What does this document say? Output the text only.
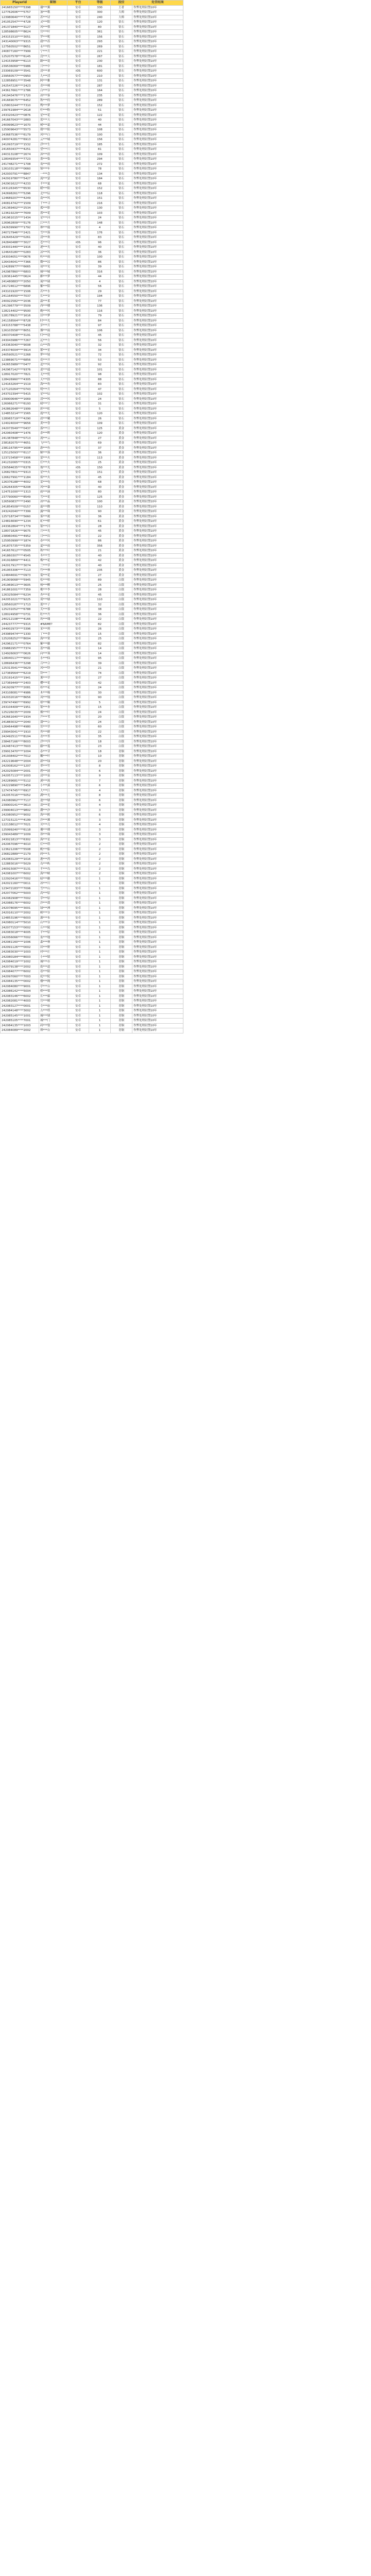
PlayerId	昵称	平台	等级	段位	处罚结果
241665150****5398	谢***粥	安卓	330	王者	作弊处理封禁10年
127762606****5757	加***歌	安卓	300	大师	作弊处理封禁10年
123980640****7728	苏***诗	安卓	240	大师	作弊处理封禁10年
241052547****4728	灵***阳	安卓	120	钻石	作弊处理封禁10年
241371840****3127	风***蔡	安卓	80	钻石	作弊处理封禁10年
128598605****8624	宫***叶	安卓	361	钻石	作弊处理封禁10年
243151510****3051	罗***呢	安卓	156	钻石	作弊处理封禁10年
243140063****9315	我***苏	安卓	293	钻石	作弊处理封禁10年
127560502****8651	永***的	安卓	269	钻石	作弊处理封禁10年
240877160****7999	宁***月	安卓	221	钻石	作弊处理封禁10年
125207578****6145	没***天	安卓	267	钻石	作弊处理封禁10年
124153958****6113	路***说	安卓	230	钻石	作弊处理封禁10年
239536069****5986	只***中	安卓	181	钻石	作弊处理封禁10年
233069109****3541	清***乖	iOS	600	钻石	作弊处理封禁10年
239560577****0950	九***清	安卓	210	钻石	作弊处理封禁10年
122858951****3548	阿***雅	安卓	131	钻石	作弊处理封禁10年
242547226****2423	青***咪	安卓	287	钻石	作弊处理封禁10年
243617661****2786	白***谷	安卓	164	钻石	作弊处理封禁10年
241943476****1720	冰***客	安卓	235	钻石	作弊处理封禁10年
241669075****6452	秋***的	安卓	289	钻石	作弊处理封禁10年
125803244****7310	鸭***梦	安卓	152	钻石	作弊处理封禁10年
239761984****2618	柠***粉	安卓	51	钻石	作弊处理封禁10年
243320423****0876	星***花	安卓	122	钻石	作弊处理封禁10年
241667043****2883	蓝***天	安卓	40	钻石	作弊处理封禁10年
240999623****1670	树***霜	安卓	44	钻石	作弊处理封禁10年
125909643****5573	朝***阳	安卓	108	钻石	作弊处理封禁10年
243687536****6179	风***白	安卓	100	钻石	作弊处理封禁10年
240974281****6913	云***城	安卓	156	钻石	作弊处理封禁10年
241093719****1532	浮***生	安卓	185	钻石	作弊处理封禁10年
241650437****4251	望***川	安卓	81	钻石	作弊处理封禁10年
240313108****2674	沐***晨	安卓	109	钻石	作弊处理封禁10年
128049354****7723	墨***染	安卓	294	钻石	作弊处理封禁10年
241748271****1708	夜***雨	安卓	272	钻石	作弊处理封禁10年
126103118****0660	锦***年	安卓	78	钻石	作弊处理封禁10年
242930791****8847	一***念	安卓	134	钻石	作弊处理封禁10年
242919780****5427	流***萤	安卓	184	钻石	作弊处理封禁10年
242901622****4233	半***夏	安卓	68	钻石	作弊处理封禁10年
243126345****6530	暖***阳	安卓	152	钻石	作弊处理封禁10年
242698261****5296	北***辰	安卓	118	钻石	作弊处理封禁10年
124689207****4249	南***风	安卓	151	钻石	作弊处理封禁10年
240814742****1509	千***寻	安卓	216	钻石	作弊处理封禁10年
241369402****2534	孤***影	安卓	130	钻石	作弊处理封禁10年
123619229****7609	落***花	安卓	103	钻石	作弊处理封禁10年
241961015****1434	星***河	安卓	24	钻石	作弊处理封禁10年
126962809****5176	江***月	安卓	148	钻石	作弊处理封禁10年
242639990****1792	林***鹿	安卓	4	钻石	作弊处理封禁10年
240727946****2421	雪***落	安卓	176	钻石	作弊处理封禁10年
242645429****0261	清***欢	安卓	83	钻石	作弊处理封禁10年
242840488****3027	苍***穹	iOS	96	钻石	作弊处理封禁10年
243031440****1916	逐***光	安卓	40	钻石	作弊处理封禁10年
124643180****0283	凉***风	安卓	36	钻石	作弊处理封禁10年
243034051****0676	听***雨	安卓	100	钻石	作弊处理封禁10年
126434041****7366	微***凉	安卓	86	钻石	作弊处理封禁10年
124289977****6665	初***见	安卓	39	钻石	作弊处理封禁10年
242987860****6803	倾***城	安卓	316	钻石	作弊处理封禁10年
126361445****0624	醉***梦	安卓	44	钻石	作弊处理封禁10年
241480883****2050	琉***璃	安卓	4	钻石	作弊处理封禁10年
241724612****6896	紫***陌	安卓	56	钻石	作弊处理封禁10年
243101920****1506	若***水	安卓	29	钻石	作弊处理封禁10年
241164550****7037	长***安	安卓	194	钻石	作弊处理封禁10年
240922582****2036	温***柔	安卓	77	钻石	作弊处理封禁10年
241396779****3509	西***楼	安卓	136	钻石	作弊处理封禁10年
128214402****9500	晚***风	安卓	116	钻石	作弊处理封禁10年
128178921****1616	旧***梦	安卓	79	钻石	作弊处理封禁10年
241158564****8728	时***光	安卓	84	钻石	作弊处理封禁10年
243153788****5438	岁***月	安卓	97	钻石	作弊处理封禁10年
126103558****8051	烟***雨	安卓	106	钻石	作弊处理封禁10年
240370408****3191	归***途	安卓	45	钻石	作弊处理封禁10年
243043986****7267	远***方	安卓	56	钻石	作弊处理封禁10年
243363040****9008	山***海	安卓	32	钻石	作弊处理封禁10年
243374004****3914	繁***星	安卓	34	钻石	作弊处理封禁10年
240590521****2268	梦***境	安卓	72	钻石	作弊处理封禁10年
123869071****6856	花***开	安卓	53	钻石	作弊处理封禁10年
242653989****0477	追***风	安卓	92	钻石	作弊处理封禁10年
242967142****9376	逍***遥	安卓	101	钻石	作弊处理封禁10年
128917020****7821	无***忧	安卓	98	钻石	作弊处理封禁10年
128426960****4305	天***涯	安卓	88	钻石	作弊处理封禁10年
124163264****1519	海***角	安卓	83	钻石	作弊处理封禁10年
127120264****0743	明***月	安卓	47	钻石	作弊处理封禁10年
243702394****5415	星***辰	安卓	102	钻石	作弊处理封禁10年
239900646****1669	清***风	安卓	24	钻石	作弊处理封禁10年
126066271****6193	晴***空	安卓	31	钻石	作弊处理封禁10年
242862648****1999	彩***虹	安卓	5	钻石	作弊处理封禁10年
124853214****1565	霞***光	安卓	120	钻石	作弊处理封禁10年
128065719****4290	晨***曦	安卓	26	钻石	作弊处理封禁10年
124024004****9656	黄***昏	安卓	109	钻石	作弊处理封禁10年
242073549****0437	落***日	安卓	125	黄金	作弊处理封禁10年
242060408****1476	余***晖	安卓	120	黄金	作弊处理封禁10年
241387848****0713	流***云	安卓	27	黄金	作弊处理封禁10年
238182075****4651	飞***鸟	安卓	69	黄金	作弊处理封禁10年
238116795****1608	游***鱼	安卓	37	黄金	作弊处理封禁10年
125125093****6117	鲸***落	安卓	36	黄金	作弊处理封禁10年
123723458****1906	萤***火	安卓	113	黄金	作弊处理封禁10年
241232065****0315	灯***火	安卓	25	黄金	作弊处理封禁10年
230584635****6378	烛***光	iOS	150	黄金	作弊处理封禁10年
126827801****9313	星***火	安卓	151	黄金	作弊处理封禁10年
126627991****1184	焰***火	安卓	45	黄金	作弊处理封禁10年
126376188****4002	雷***电	安卓	68	黄金	作弊处理封禁10年
126264305****8208	风***暴	安卓	40	黄金	作弊处理封禁10年
124751000****1313	雨***滴	安卓	80	黄金	作弊处理封禁10年
237790060****8549	雪***花	安卓	125	黄金	作弊处理封禁10年
126590837****2490	冰***晶	安卓	100	黄金	作弊处理封禁10年
241854509****0157	霜***降	安卓	110	黄金	作弊处理封禁10年
243242040****7399	露***珠	安卓	90	黄金	作弊处理封禁10年
125718734****5660	雾***凇	安卓	36	黄金	作弊处理封禁10年
124816690****1234	虹***桥	安卓	61	黄金	作弊处理封禁10年
243362864****1779	银***河	安卓	28	黄金	作弊处理封禁10年
128071826****9075	月***光	安卓	45	黄金	作弊处理封禁10年
238960491****4952	日***出	安卓	22	黄金	作弊处理封禁10年
125950999****1874	春***风	安卓	86	黄金	作弊处理封禁10年
241875735****5359	夏***雨	安卓	356	黄金	作弊处理封禁10年
241657612****0505	秋***叶	安卓	21	黄金	作弊处理封禁10年
241860307****4545	冬***雪	安卓	40	黄金	作弊处理封禁10年
241916869****4411	梅***花	安卓	42	黄金	作弊处理封禁10年
242017917****3074	兰***草	安卓	40	黄金	作弊处理封禁10年
241955306****7113	竹***林	安卓	235	黄金	作弊处理封禁10年
124844691****0973	菊***花	安卓	27	黄金	作弊处理封禁10年
241909068****5945	松***柏	安卓	89	白银	作弊处理封禁10年
241969013****3605	杨***柳	安卓	25	白银	作弊处理封禁10年
241861001****7359	桃***李	安卓	28	白银	作弊处理封禁10年
126325084****6234	杏***花	安卓	45	白银	作弊处理封禁10年
242051021****9225	荷***塘	安卓	110	白银	作弊处理封禁10年
128560187****1713	莲***子	安卓	32	白银	作弊处理封禁10年
125231052****6788	芙***蓉	安卓	38	白银	作弊处理封禁10年
128024958****0731	牡***丹	安卓	36	白银	作弊处理封禁10年
240212108****4166	玫***瑰	安卓	22	白银	作弊处理封禁10年
244237777****9315	#NAME?	安卓	82	白银	作弊处理封禁10年
244002973****3396	茉***莉	安卓	26	白银	作弊处理封禁10年
243989474****1330	丁***香	安卓	15	白银	作弊处理封禁10年
125208252****8004	海***棠	安卓	25	白银	作弊处理封禁10年
242962171****0764	紫***藤	安卓	82	白银	作弊处理封禁10年
239882957****7374	蔷***薇	安卓	14	白银	作弊处理封禁10年
124926063****0626	向***葵	安卓	14	白银	作弊处理封禁10年
128040117****9002	水***仙	安卓	95	白银	作弊处理封禁10年
128696436****3298	百***合	安卓	39	白银	作弊处理封禁10年
125313541****5629	风***铃	安卓	21	白银	作弊处理封禁10年
127369564****6219	铃***兰	安卓	74	白银	作弊处理封禁10年
125191415****1941	薰***草	安卓	27	白银	作弊处理封禁10年
127369449****2403	樱***花	安卓	42	白银	作弊处理封禁10年
241920977****2081	桂***花	安卓	24	白银	作弊处理封禁10年
243108081****4986	木***棉	安卓	30	白银	作弊处理封禁10年
242032016****8656	凤***凰	安卓	90	白银	作弊处理封禁10年
239747490****6992	梧***桐	安卓	5	白银	作弊处理封禁10年
243104409****1951	银***杏	安卓	15	白银	作弊处理封禁10年
125226035****2009	枫***叶	安卓	24	白银	作弊处理封禁10年
242661640****1934	芦***苇	安卓	20	白银	作弊处理封禁10年
241883032****2040	蒲***公	安卓	24	白银	作弊处理封禁10年
126464498****4980	萱***草	安卓	60	白银	作弊处理封禁10年
239943041****1910	苔***藓	安卓	22	白银	作弊处理封禁10年
242492511****8104	青***苔	安卓	35	白银	作弊处理封禁10年
238467166****8003	浮***萍	安卓	18	白银	作弊处理封禁10年
242487413****7603	藤***蔓	安卓	23	白银	作弊处理封禁10年
239913470****1004	春***芽	安卓	18	青铜	作弊处理封禁10年
241938402****7012	嫩***叶	安卓	10	青铜	作弊处理封禁10年
242219648****2004	新***绿	安卓	20	青铜	作弊处理封禁10年
242008162****1207	翠***竹	安卓	8	青铜	作弊处理封禁10年
242025084****2001	碧***波	安卓	6	青铜	作弊处理封禁10年
242057113****1003	清***泉	安卓	9	青铜	作弊处理封禁10年
242289681****5112	溪***流	安卓	7	青铜	作弊处理封禁10年
242229890****3459	小***溪	安卓	6	青铜	作弊处理封禁10年
127474745****6917	大***江	安卓	4	青铜	作弊处理封禁10年
242057016****5052	湖***光	安卓	8	青铜	作弊处理封禁10年
242080962****7117	池***塘	安卓	6	青铜	作弊处理封禁10年
239900141****3613	浪***花	安卓	4	青铜	作弊处理封禁10年
239904013****9802	潮***汐	安卓	3	青铜	作弊处理封禁10年
242080952****9002	海***鸥	安卓	6	青铜	作弊处理封禁10年
127315121****4199	沙***滩	安卓	3	青铜	作弊处理封禁10年
122138012****7021	贝***壳	安卓	4	青铜	作弊处理封禁10年
125999240****6118	珊***瑚	安卓	3	青铜	作弊处理封禁10年
239043489****1009	珍***珠	安卓	3	青铜	作弊处理封禁10年
243021813****6302	海***星	安卓	3	青铜	作弊处理封禁10年
242067096****4010	灯***塔	安卓	2	青铜	作弊处理封禁10年
123621206****5508	帆***船	安卓	2	青铜	作弊处理封禁10年
236822889****2179	码***头	安卓	2	青铜	作弊处理封禁10年
242083129****1016	港***湾	安卓	2	青铜	作弊处理封禁10年
122883016****5029	岛***屿	安卓	2	青铜	作弊处理封禁10年
240915087****3131	半***岛	安卓	2	青铜	作弊处理封禁10年
242081007****6002	海***峡	安卓	2	青铜	作弊处理封禁10年
122920416****7002	暗***礁	安卓	1	青铜	作弊处理封禁10年
242021160****0011	冰***川	安卓	1	青铜	作弊处理封禁10年
123472183****7006	雪***山	安卓	1	青铜	作弊处理封禁10年
242077062****5003	高***原	安卓	1	青铜	作弊处理封禁10年
242082908****7002	草***原	安卓	1	青铜	作弊处理封禁10年
242088176****6002	沙***漠	安卓	1	青铜	作弊处理封禁10年
242078095****3001	绿***洲	安卓	1	青铜	作弊处理封禁10年
242016110****2002	峡***谷	安卓	1	青铜	作弊处理封禁10年
124853196****6003	瀑***布	安卓	1	青铜	作弊处理封禁10年
242080114****5010	山***谷	安卓	1	青铜	作弊处理封禁10年
242077153****0002	丘***陵	安卓	1	青铜	作弊处理封禁10年
242083018****4005	平***原	安卓	1	青铜	作弊处理封禁10年
242056066****7002	盆***地	安卓	1	青铜	作弊处理封禁10年
242081160****1006	森***林	安卓	1	青铜	作弊处理封禁10年
242091126****0002	田***野	安卓	1	青铜	作弊处理封禁10年
242083030****1003	村***庄	安卓	1	青铜	作弊处理封禁10年
242080184****8003	小***镇	安卓	1	青铜	作弊处理封禁10年
242084019****1002	城***市	安卓	1	青铜	作弊处理封禁10年
242079138****2002	街***道	安卓	1	青铜	作弊处理封禁10年
242084077****6002	巷***陌	安卓	1	青铜	作弊处理封禁10年
242097060****7003	庭***院	安卓	1	青铜	作弊处理封禁10年
242084135****0002	楼***阁	安卓	1	青铜	作弊处理封禁10年
242084080****9001	亭***台	安卓	1	青铜	作弊处理封禁10年
242086142****5004	桥***梁	安卓	1	青铜	作弊处理封禁10年
242083146****6002	长***廊	安卓	1	青铜	作弊处理封禁10年
242082081****4003	宫***殿	安卓	1	青铜	作弊处理封禁10年
242083127****0001	寺***庙	安卓	1	青铜	作弊处理封禁10年
242084148****3002	古***塔	安卓	1	青铜	作弊处理封禁10年
242085145****1001	城***墙	安卓	1	青铜	作弊处理封禁10年
242085105****7001	城***门	安卓	1	青铜	作弊处理封禁10年
242084135****1003	码***堡	安卓	1	青铜	作弊处理封禁10年
242084089****2002	烽***台	安卓	1	青铜	作弊处理封禁10年
